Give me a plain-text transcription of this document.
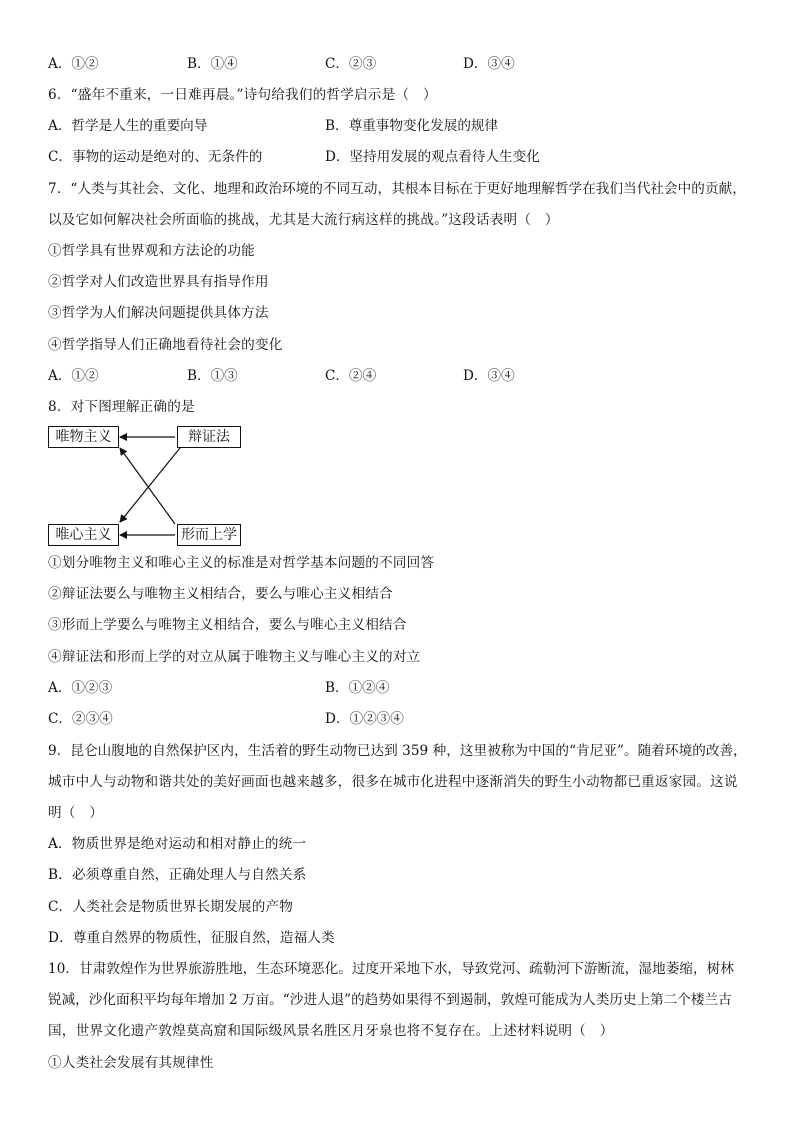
A．①②	B．①④	C．②③	D．③④
6．“盛年不重来，一日难再晨。”诗句给我们的哲学启示是（　）
A．哲学是人生的重要向导	B．尊重事物变化发展的规律
C．事物的运动是绝对的、无条件的	D．坚持用发展的观点看待人生变化
7．“人类与其社会、文化、地理和政治环境的不同互动，其根本目标在于更好地理解哲学在我们当代社会中的贡献，
以及它如何解决社会所面临的挑战，尤其是大流行病这样的挑战。”这段话表明（　）
①哲学具有世界观和方法论的功能
②哲学对人们改造世界具有指导作用
③哲学为人们解决问题提供具体方法
④哲学指导人们正确地看待社会的变化
A．①②	B．①③	C．②④	D．③④
8．对下图理解正确的是
唯物主义	辩证法
唯心主义	形而上学
①划分唯物主义和唯心主义的标准是对哲学基本问题的不同回答
②辩证法要么与唯物主义相结合，要么与唯心主义相结合
③形而上学要么与唯物主义相结合，要么与唯心主义相结合
④辩证法和形而上学的对立从属于唯物主义与唯心主义的对立
A．①②③	B．①②④
C．②③④	D．①②③④
9．昆仑山腹地的自然保护区内，生活着的野生动物已达到 359 种，这里被称为中国的“肯尼亚”。随着环境的改善，
城市中人与动物和谐共处的美好画面也越来越多，很多在城市化进程中逐渐消失的野生小动物都已重返家园。这说
明（　）
A．物质世界是绝对运动和相对静止的统一
B．必须尊重自然，正确处理人与自然关系
C．人类社会是物质世界长期发展的产物
D．尊重自然界的物质性，征服自然，造福人类
10．甘肃敦煌作为世界旅游胜地，生态环境恶化。过度开采地下水，导致党河、疏勒河下游断流，湿地萎缩，树林
锐减，沙化面积平均每年增加 2 万亩。“沙进人退”的趋势如果得不到遏制，敦煌可能成为人类历史上第二个楼兰古
国，世界文化遗产敦煌莫高窟和国际级风景名胜区月牙泉也将不复存在。上述材料说明（　）
①人类社会发展有其规律性
